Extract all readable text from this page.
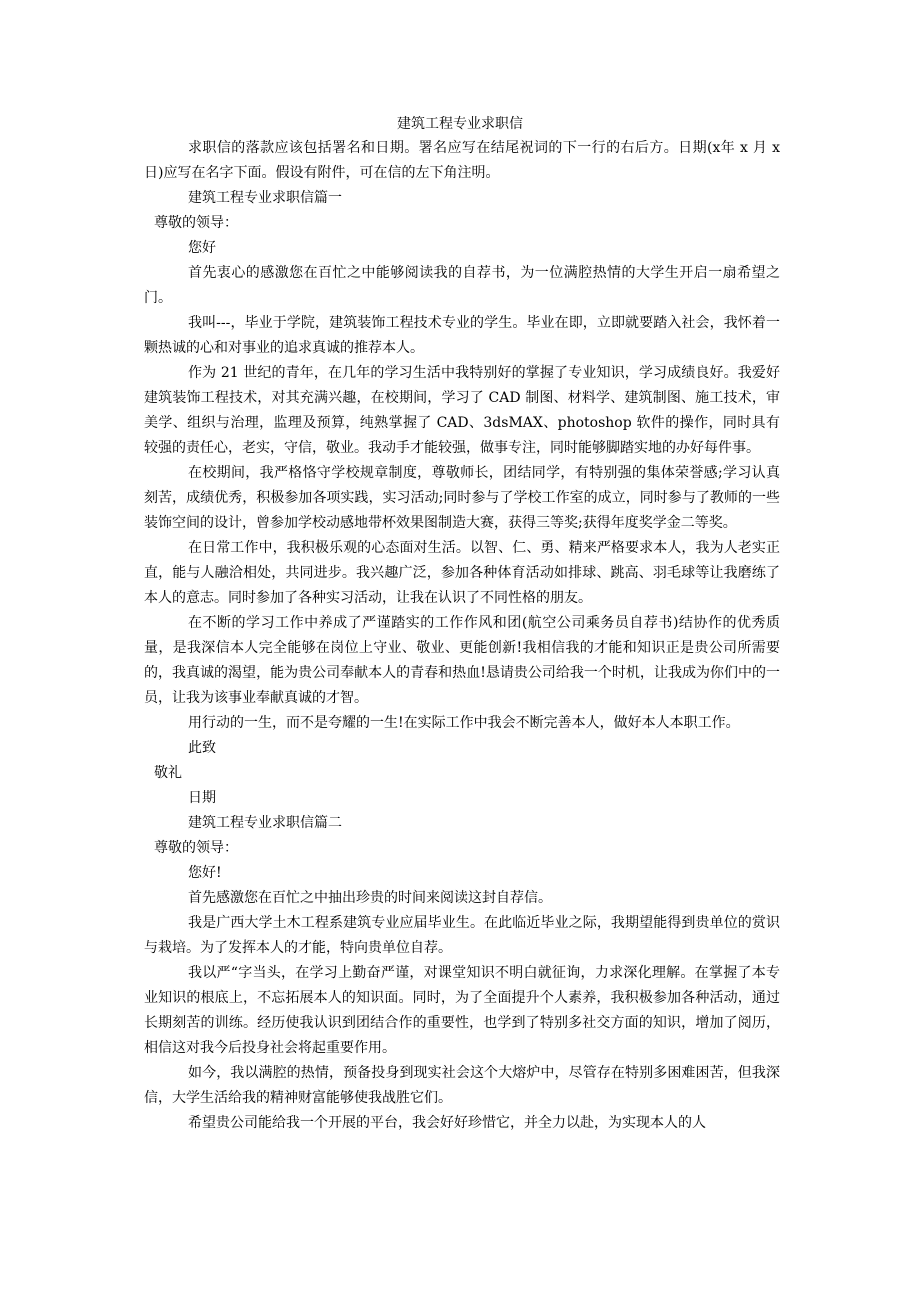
建筑工程专业求职信

求职信的落款应该包括署名和日期。署名应写在结尾祝词的下一行的右后方。日期(x年 x 月 x 日)应写在名字下面。假设有附件，可在信的左下角注明。

建筑工程专业求职信篇一

尊敬的领导：

您好

首先衷心的感激您在百忙之中能够阅读我的自荐书，为一位满腔热情的大学生开启一扇希望之门。

我叫---，毕业于学院，建筑装饰工程技术专业的学生。毕业在即，立即就要踏入社会，我怀着一颗热诚的心和对事业的追求真诚的推荐本人。

作为 21 世纪的青年，在几年的学习生活中我特别好的掌握了专业知识，学习成绩良好。我爱好建筑装饰工程技术，对其充满兴趣，在校期间，学习了 CAD 制图、材料学、建筑制图、施工技术，审美学、组织与治理，监理及预算，纯熟掌握了 CAD、3dsMAX、photoshop 软件的操作，同时具有较强的责任心，老实，守信，敬业。我动手才能较强，做事专注，同时能够脚踏实地的办好每件事。

在校期间，我严格恪守学校规章制度，尊敬师长，团结同学，有特别强的集体荣誉感;学习认真刻苦，成绩优秀，积极参加各项实践，实习活动;同时参与了学校工作室的成立，同时参与了教师的一些装饰空间的设计，曾参加学校动感地带杯效果图制造大赛，获得三等奖;获得年度奖学金二等奖。

在日常工作中，我积极乐观的心态面对生活。以智、仁、勇、精来严格要求本人，我为人老实正直，能与人融洽相处，共同进步。我兴趣广泛，参加各种体育活动如排球、跳高、羽毛球等让我磨练了本人的意志。同时参加了各种实习活动，让我在认识了不同性格的朋友。

在不断的学习工作中养成了严谨踏实的工作作风和团(航空公司乘务员自荐书)结协作的优秀质量，是我深信本人完全能够在岗位上守业、敬业、更能创新!我相信我的才能和知识正是贵公司所需要的，我真诚的渴望，能为贵公司奉献本人的青春和热血!恳请贵公司给我一个时机，让我成为你们中的一员，让我为该事业奉献真诚的才智。

用行动的一生，而不是夸耀的一生!在实际工作中我会不断完善本人，做好本人本职工作。

此致

敬礼

日期

建筑工程专业求职信篇二

尊敬的领导：

您好!

首先感激您在百忙之中抽出珍贵的时间来阅读这封自荐信。

我是广西大学土木工程系建筑专业应届毕业生。在此临近毕业之际，我期望能得到贵单位的赏识与栽培。为了发挥本人的才能，特向贵单位自荐。

我以严“字当头，在学习上勤奋严谨，对课堂知识不明白就征询，力求深化理解。在掌握了本专业知识的根底上，不忘拓展本人的知识面。同时，为了全面提升个人素养，我积极参加各种活动，通过长期刻苦的训练。经历使我认识到团结合作的重要性，也学到了特别多社交方面的知识，增加了阅历，相信这对我今后投身社会将起重要作用。

如今，我以满腔的热情，预备投身到现实社会这个大熔炉中，尽管存在特别多困难困苦，但我深信，大学生活给我的精神财富能够使我战胜它们。

希望贵公司能给我一个开展的平台，我会好好珍惜它，并全力以赴，为实现本人的人
